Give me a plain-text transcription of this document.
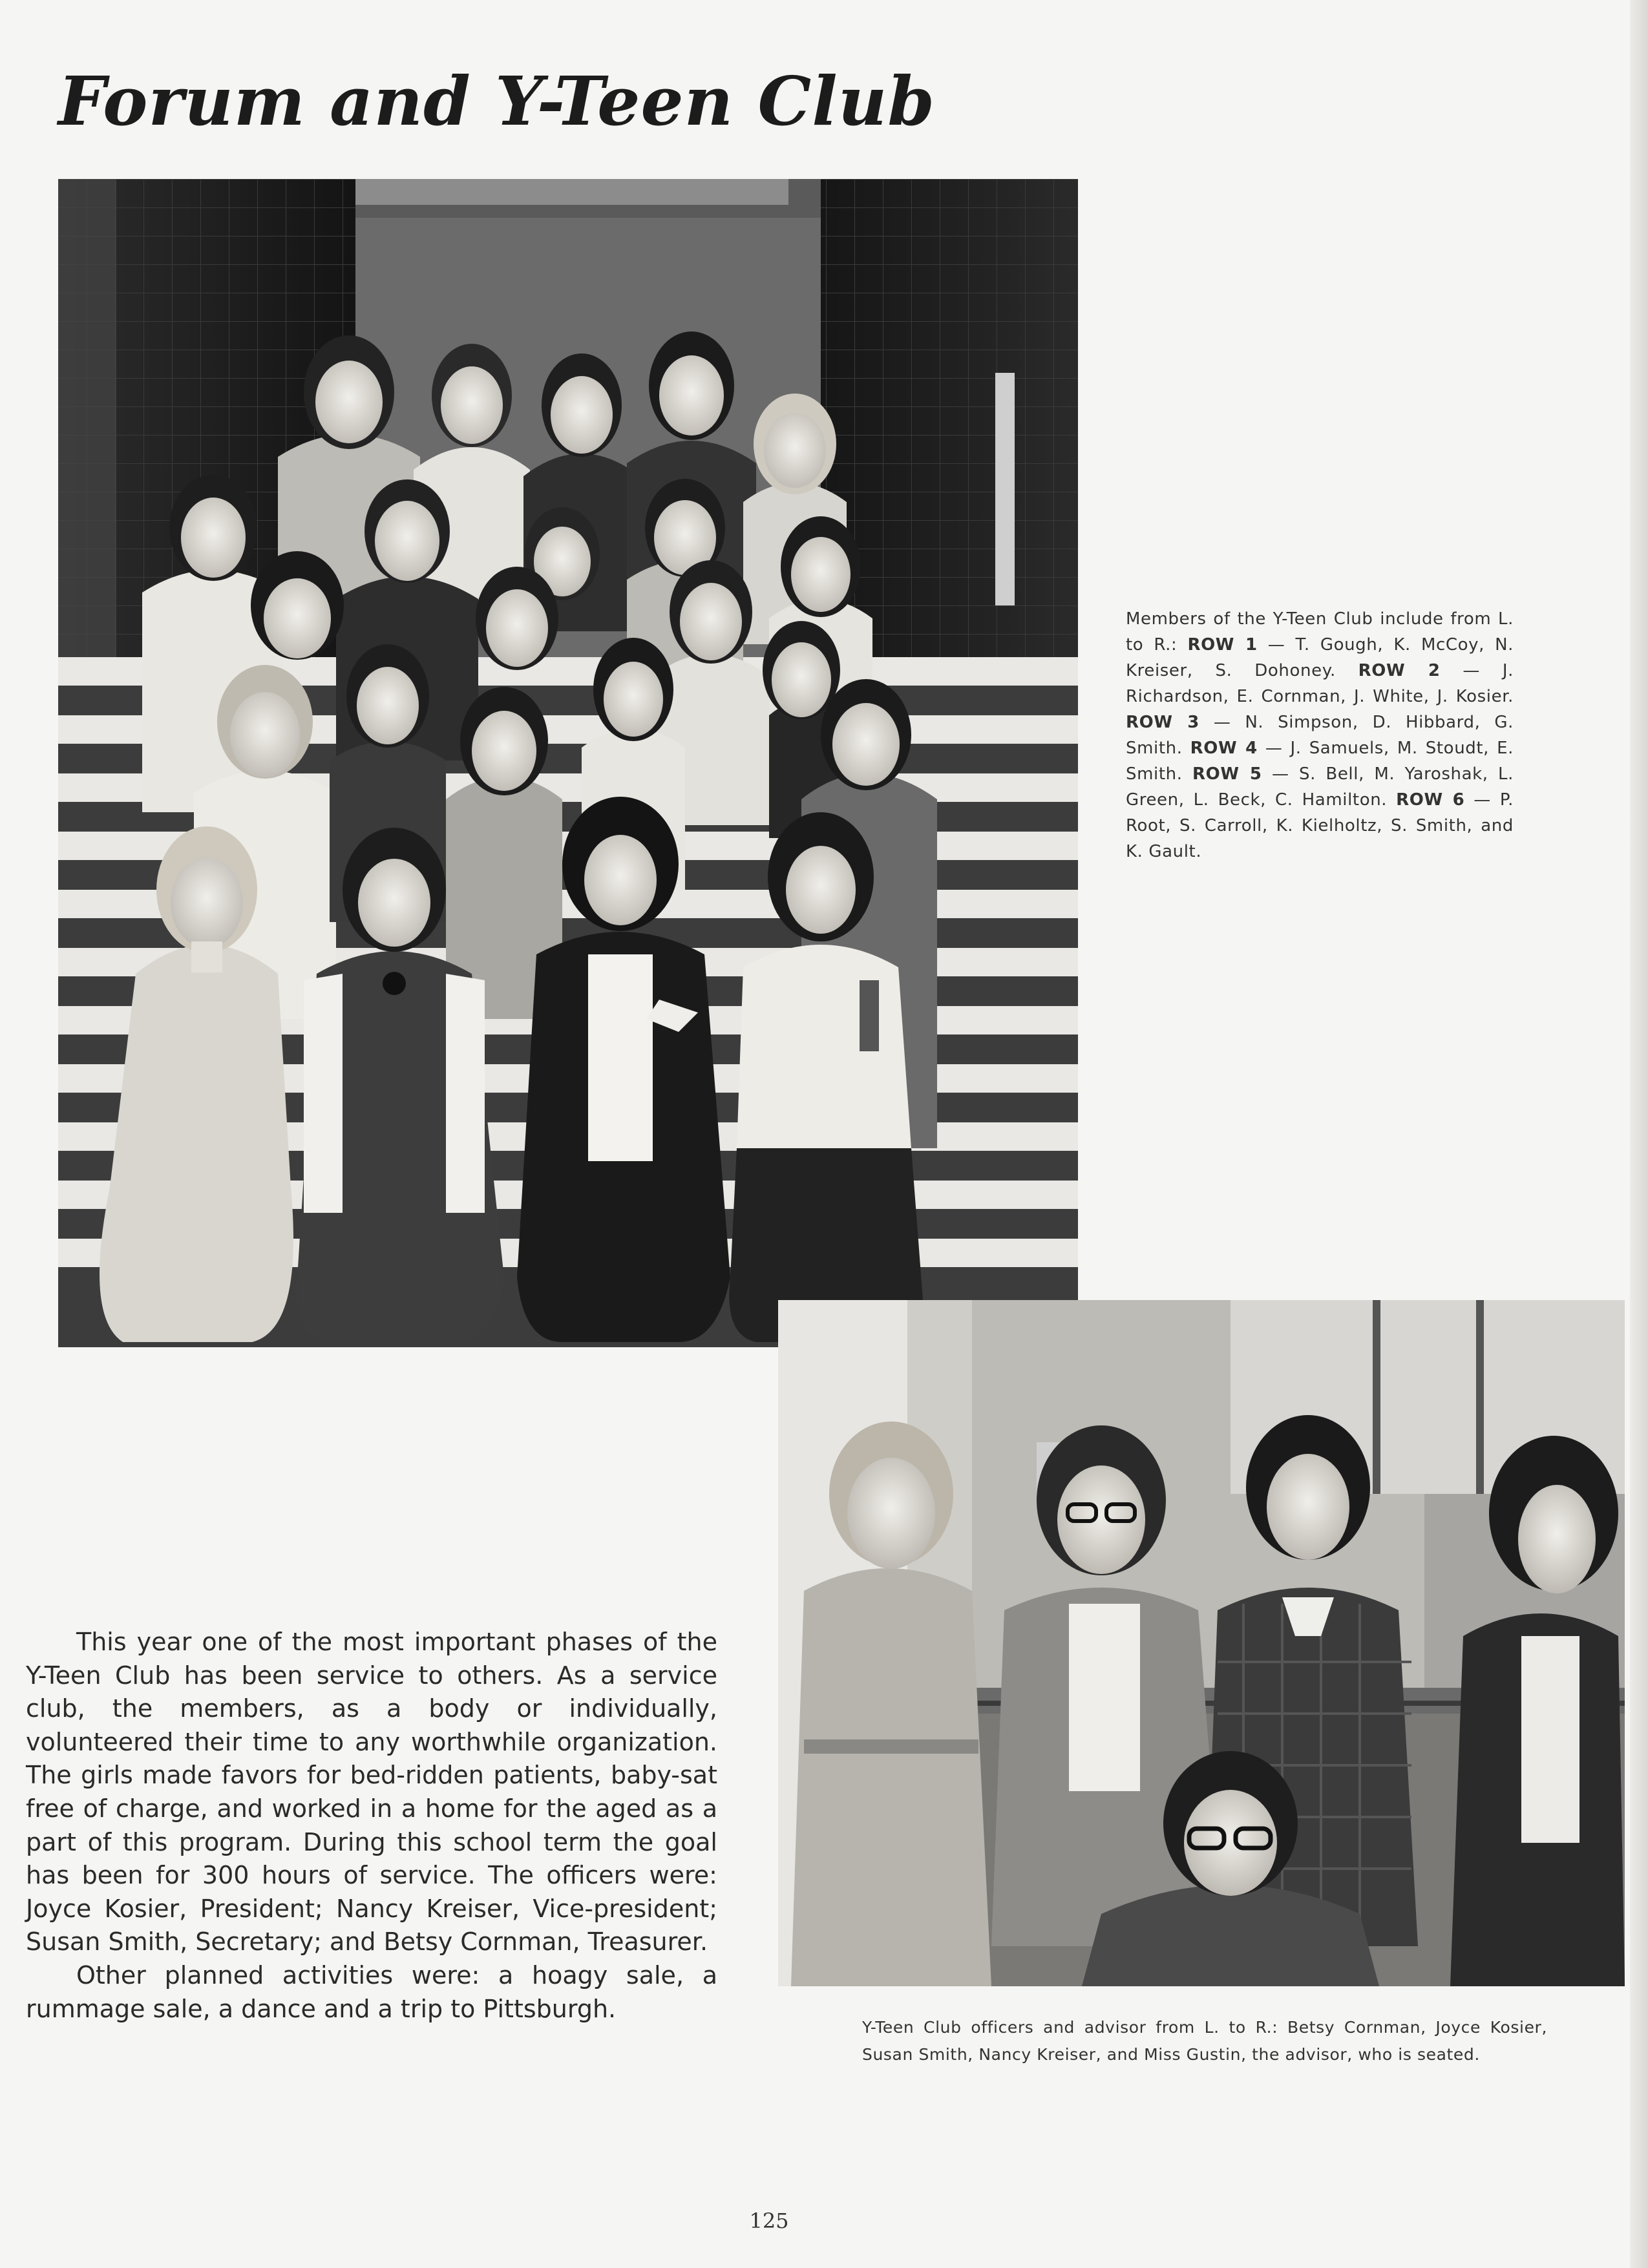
Forum and Y-Teen Club

Members of the Y-Teen Club include from L. to R.: ROW 1 — T. Gough, K. McCoy, N. Kreiser, S. Dohoney. ROW 2 — J. Richardson, E. Cornman, J. White, J. Kosier. ROW 3 — N. Simpson, D. Hibbard, G. Smith. ROW 4 — J. Samuels, M. Stoudt, E. Smith. ROW 5 — S. Bell, M. Yaroshak, L. Green, L. Beck, C. Hamilton. ROW 6 — P. Root, S. Carroll, K. Kielholtz, S. Smith, and K. Gault.

Y-Teen Club officers and advisor from L. to R.: Betsy Cornman, Joyce Kosier, Susan Smith, Nancy Kreiser, and Miss Gustin, the advisor, who is seated.

This year one of the most important phases of the Y-Teen Club has been service to others. As a service club, the members, as a body or individually, volunteered their time to any worthwhile organization. The girls made favors for bed-ridden patients, baby-sat free of charge, and worked in a home for the aged as a part of this program. During this school term the goal has been for 300 hours of service. The officers were: Joyce Kosier, President; Nancy Kreiser, Vice-president; Susan Smith, Secretary; and Betsy Cornman, Treasurer.

Other planned activities were: a hoagy sale, a rummage sale, a dance and a trip to Pittsburgh.

125
